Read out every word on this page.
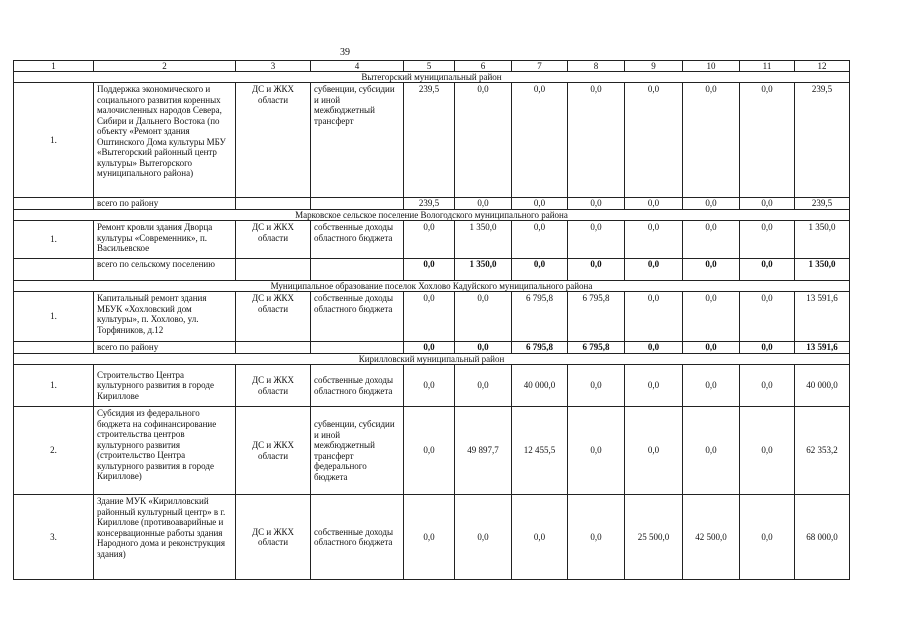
39
1	2	3	4	5	6	7	8	9	10	11	12
Вытегорский муниципальный район											
1.	Поддержка экономического и социального развития коренных малочисленных народов Севера, Сибири и Дальнего Востока (по объекту «Ремонт здания Оштинского Дома культуры МБУ «Вытегорский районный центр культуры» Вытегорского муниципального района)	ДС и ЖКХ области	субвенции, субсидии и иной межбюджетный трансферт	239,5	0,0	0,0	0,0	0,0	0,0	0,0	239,5
	всего по району			239,5	0,0	0,0	0,0	0,0	0,0	0,0	239,5
Марковское сельское поселение Вологодского муниципального района											
1.	Ремонт кровли здания Дворца культуры «Современник», п. Васильевское	ДС и ЖКХ области	собственные доходы областного бюджета	0,0	1 350,0	0,0	0,0	0,0	0,0	0,0	1 350,0
	всего по сельскому поселению			0,0	1 350,0	0,0	0,0	0,0	0,0	0,0	1 350,0
Муниципальное образование поселок Хохлово Кадуйского муниципального района											
1.	Капитальный ремонт здания МБУК «Хохловский дом культуры», п. Хохлово, ул. Торфяников, д.12	ДС и ЖКХ области	собственные доходы областного бюджета	0,0	0,0	6 795,8	6 795,8	0,0	0,0	0,0	13 591,6
	всего по району			0,0	0,0	6 795,8	6 795,8	0,0	0,0	0,0	13 591,6
Кирилловский муниципальный район											
1.	Строительство Центра культурного развития в городе Кириллове	ДС и ЖКХ области	собственные доходы областного бюджета	0,0	0,0	40 000,0	0,0	0,0	0,0	0,0	40 000,0
2.	Субсидия из федерального бюджета на софинансирование строительства центров культурного развития (строительство Центра культурного развития в городе Кириллове)	ДС и ЖКХ области	субвенции, субсидии и иной межбюджетный трансферт федерального бюджета	0,0	49 897,7	12 455,5	0,0	0,0	0,0	0,0	62 353,2
3.	Здание МУК «Кирилловский районный культурный центр» в г. Кириллове (противоаварийные и консервационные работы здания Народного дома и реконструкция здания)	ДС и ЖКХ области	собственные доходы областного бюджета	0,0	0,0	0,0	0,0	25 500,0	42 500,0	0,0	68 000,0
